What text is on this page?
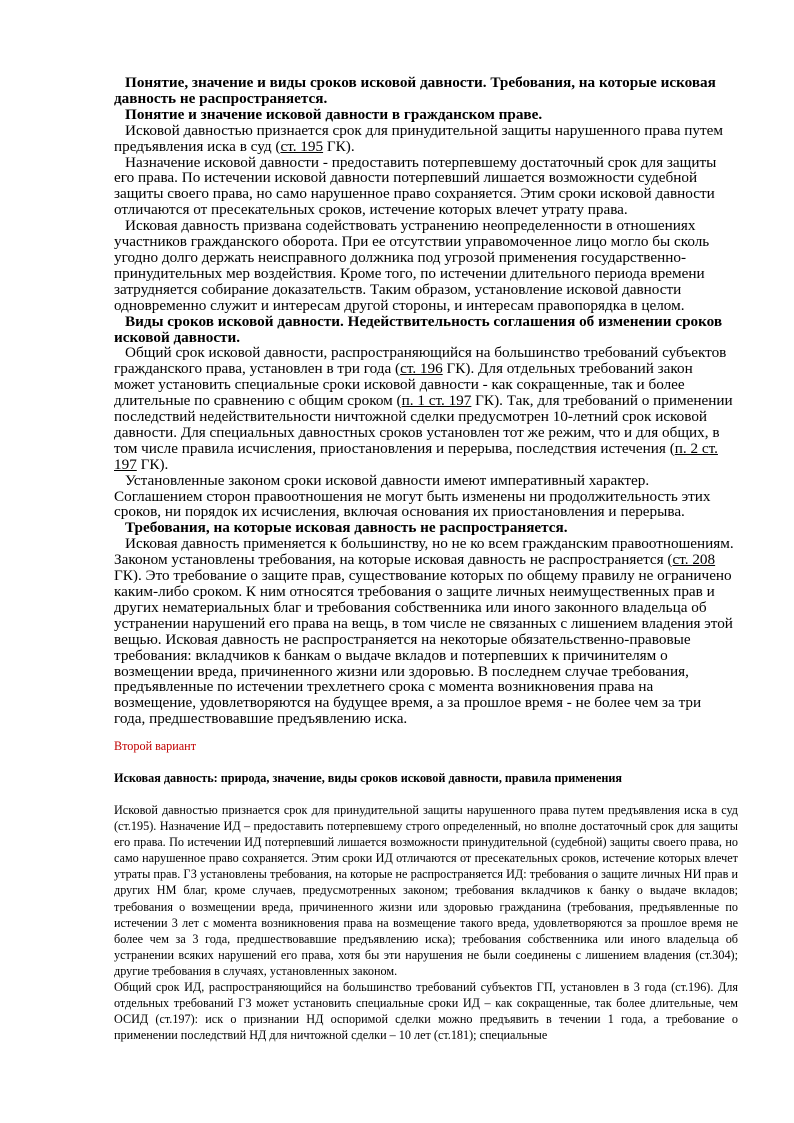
Понятие, значение и виды сроков исковой давности. Требования, на которые исковая давность не распространяется.

Понятие и значение исковой давности в гражданском праве.

Исковой давностью признается срок для принудительной защиты нарушенного права путем предъявления иска в суд (ст. 195 ГК).

Назначение исковой давности - предоставить потерпевшему достаточный срок для защиты его права. По истечении исковой давности потерпевший лишается возможности судебной защиты своего права, но само нарушенное право сохраняется. Этим сроки исковой давности отличаются от пресекательных сроков, истечение которых влечет утрату права.

Исковая давность призвана содействовать устранению неопределенности в отношениях участников гражданского оборота. При ее отсутствии управомоченное лицо могло бы сколь угодно долго держать неисправного должника под угрозой применения государственно-принудительных мер воздействия. Кроме того, по истечении длительного периода времени затрудняется собирание доказательств. Таким образом, установление исковой давности одновременно служит и интересам другой стороны, и интересам правопорядка в целом.

Виды сроков исковой давности. Недействительность соглашения об изменении сроков исковой давности.

Общий срок исковой давности, распространяющийся на большинство требований субъектов гражданского права, установлен в три года (ст. 196 ГК). Для отдельных требований закон может установить специальные сроки исковой давности - как сокращенные, так и более длительные по сравнению с общим сроком (п. 1 ст. 197 ГК). Так, для требований о применении последствий недействительности ничтожной сделки предусмотрен 10-летний срок исковой давности. Для специальных давностных сроков установлен тот же режим, что и для общих, в том числе правила исчисления, приостановления и перерыва, последствия истечения (п. 2 ст. 197 ГК).

Установленные законом сроки исковой давности имеют императивный характер. Соглашением сторон правоотношения не могут быть изменены ни продолжительность этих сроков, ни порядок их исчисления, включая основания их приостановления и перерыва.

Требования, на которые исковая давность не распространяется.

Исковая давность применяется к большинству, но не ко всем гражданским правоотношениям. Законом установлены требования, на которые исковая давность не распространяется (ст. 208 ГК). Это требование о защите прав, существование которых по общему правилу не ограничено каким-либо сроком. К ним относятся требования о защите личных неимущественных прав и других нематериальных благ и требования собственника или иного законного владельца об устранении нарушений его права на вещь, в том числе не связанных с лишением владения этой вещью. Исковая давность не распространяется на некоторые обязательственно-правовые требования: вкладчиков к банкам о выдаче вкладов и потерпевших к причинителям о возмещении вреда, причиненного жизни или здоровью. В последнем случае требования, предъявленные по истечении трехлетнего срока с момента возникновения права на возмещение, удовлетворяются на будущее время, а за прошлое время - не более чем за три года, предшествовавшие предъявлению иска.

Второй вариант
Исковая давность: природа, значение, виды сроков исковой давности, правила применения

Исковой давностью признается срок для принудительной защиты нарушенного права путем предъявления иска в суд (ст.195). Назначение ИД – предоставить потерпевшему строго определенный, но вполне достаточный срок для защиты его права. По истечении ИД потерпевший лишается возможности принудительной (судебной) защиты своего права, но само нарушенное право сохраняется. Этим сроки ИД отличаются от пресекательных сроков, истечение которых влечет утраты прав. ГЗ установлены требования, на которые не распространяется ИД: требования о защите личных НИ прав и других НМ благ, кроме случаев, предусмотренных законом; требования вкладчиков к банку о выдаче вкладов; требования о возмещении вреда, причиненного жизни или здоровью гражданина (требования, предъявленные по истечении 3 лет с момента возникновения права на возмещение такого вреда, удовлетворяются за прошлое время не более чем за 3 года, предшествовавшие предъявлению иска); требования собственника или иного владельца об устранении всяких нарушений его права, хотя бы эти нарушения не были соединены с лишением владения (ст.304); другие требования в случаях, установленных законом.

Общий срок ИД, распространяющийся на большинство требований субъектов ГП, установлен в 3 года (ст.196). Для отдельных требований ГЗ может установить специальные сроки ИД – как сокращенные, так более длительные, чем ОСИД (ст.197): иск о признании НД оспоримой сделки можно предъявить в течении 1 года, а требование о применении последствий НД для ничтожной сделки – 10 лет (ст.181); специальные
